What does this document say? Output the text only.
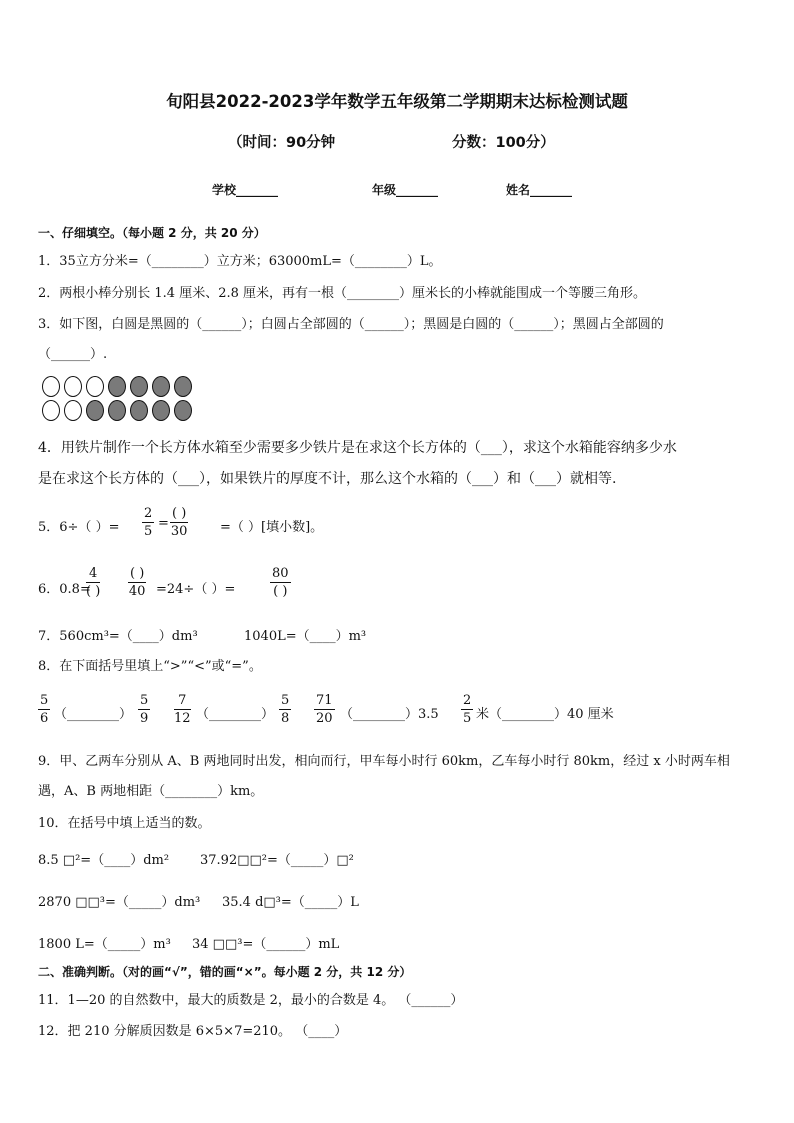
旬阳县2022-2023学年数学五年级第二学期期末达标检测试题
（时间：90分钟	分数：100分）
学校_______	年级_______	姓名_______
一、仔细填空。（每小题 2 分，共 20 分）
1．35立方分米=（________）立方米；63000mL=（________）L。
2．两根小棒分别长 1.4 厘米、2.8 厘米，再有一根（________）厘米长的小棒就能围成一个等腰三角形。
3．如下图，白圆是黑圆的（______）；白圆占全部圆的（______）；黑圆是白圆的（______）；黑圆占全部圆的
（______）.
4．用铁片制作一个长方体水箱至少需要多少铁片是在求这个长方体的（___），求这个水箱能容纳多少水
是在求这个长方体的（___），如果铁片的厚度不计，那么这个水箱的（___）和（___）就相等.
5．6÷（ ）= $\frac{2}{5}$ =
( )
30	=（ ）[填小数]。
6．0.8=
4
( )
( )
40 =24÷（ ）=
80
( )
7．560cm³=（____）dm³	1040L=（____）m³
8．在下面括号里填上“>”“<”或“=”。
$\frac{5}{6}$ （________） $\frac{5}{9} \frac{7}{12}$ （________） $\frac{5}{8} \frac{71}{20}$ （________）3.5 $\frac{2}{5}$ 米（________）40 厘米
9．甲、乙两车分别从 A、B 两地同时出发，相向而行，甲车每小时行 60km，乙车每小时行 80km，经过 x 小时两车相
遇，A、B 两地相距（________）km。
10．在括号中填上适当的数。
8.5 □²=（____）dm² 37.92□□²=（_____）□²
2870 □□³=（_____）dm³ 35.4 d□³=（_____）L
1800 L=（_____）m³ 34 □□³=（______）mL
二、准确判断。（对的画“√”，错的画“×”。每小题 2 分，共 12 分）
11．1—20 的自然数中，最大的质数是 2，最小的合数是 4。 （______）
12．把 210 分解质因数是 6×5×7=210。 （____）
